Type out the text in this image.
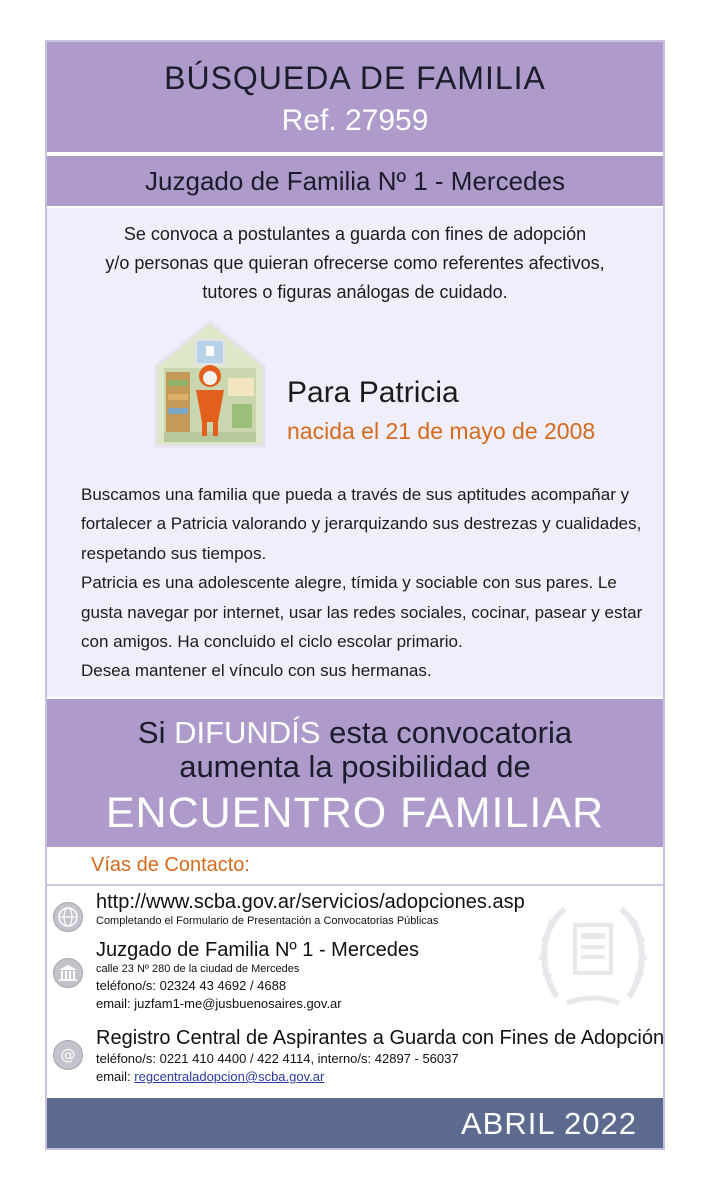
BÚSQUEDA DE FAMILIA
Ref. 27959
Juzgado de Familia Nº 1 - Mercedes
Se convoca a postulantes a guarda con fines de adopción
y/o personas que quieran ofrecerse como referentes afectivos,
tutores o figuras análogas de cuidado.
Para Patricia
nacida el 21 de mayo de 2008

Buscamos una familia que pueda a través de sus aptitudes acompañar y

fortalecer a Patricia valorando y jerarquizando sus destrezas y cualidades,

respetando sus tiempos.

Patricia es una adolescente alegre, tímida y sociable con sus pares. Le

gusta navegar por internet, usar las redes sociales, cocinar, pasear y estar

con amigos. Ha concluido el ciclo escolar primario.

Desea mantener el vínculo con sus hermanas.

Si DIFUNDÍS esta convocatoria
aumenta la posibilidad de
ENCUENTRO FAMILIAR
Vías de Contacto:
http://www.scba.gov.ar/servicios/adopciones.asp
Completando el Formulario de Presentación a Convocatorias Públicas
Juzgado de Familia Nº 1 - Mercedes
calle 23 Nº 280 de la ciudad de Mercedes
teléfono/s: 02324 43 4692 / 4688
email: juzfam1-me@jusbuenosaires.gov.ar
@
Registro Central de Aspirantes a Guarda con Fines de Adopción
teléfono/s: 0221 410 4400 / 422 4114, interno/s: 42897 - 56037
email: regcentraladopcion@scba.gov.ar
ABRIL 2022
